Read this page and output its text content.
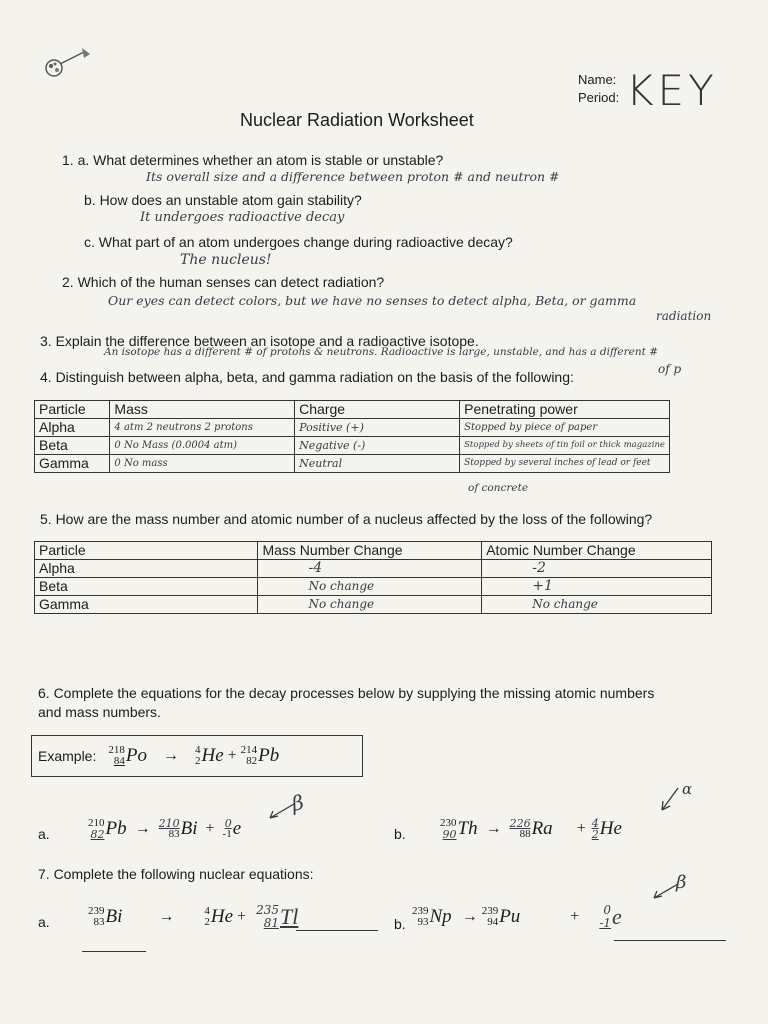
Name:
Period: KEY
Nuclear Radiation Worksheet
1. a. What determines whether an atom is stable or unstable?
Its overall size and a difference between proton # and neutron #
b. How does an unstable atom gain stability?
It undergoes radioactive decay
c. What part of an atom undergoes change during radioactive decay?
The nucleus!
2. Which of the human senses can detect radiation?
Our eyes can detect colors, but we have no senses to detect alpha, Beta, or gamma
radiation
3. Explain the difference between an isotope and a radioactive isotope.
An isotope has a different # of protons & neutrons. Radioactive is large, unstable, and has a different #
of p
4. Distinguish between alpha, beta, and gamma radiation on the basis of the following:
Particle	Mass	Charge	Penetrating power
Alpha	4 atm 2 neutrons 2 protons	Positive (+)	Stopped by piece of paper
Beta	0 No Mass (0.0004 atm)	Negative (-)	Stopped by sheets of tin foil or thick magazine
Gamma	0 No mass	Neutral	Stopped by several inches of lead or feet
of concrete
5. How are the mass number and atomic number of a nucleus affected by the loss of the following?
Particle	Mass Number Change	Atomic Number Change
Alpha	-4	-2
Beta	No change	+1
Gamma	No change	No change
6. Complete the equations for the decay processes below by supplying the missing atomic numbers
and mass numbers.
Example: 218
84 Po → 4
2 He + 214
82 Pb
a.
210
82 Pb → 210
83 Bi + 0
-1 e
β
b.
230
90 Th → 226
88 Ra + 4
2 He
α
7. Complete the following nuclear equations:
a.
239
83 Bi →	4
2 He + 235
81 Tl	b.
239
93 Np → 239
94 Pu	+ 0
-1 e
β
